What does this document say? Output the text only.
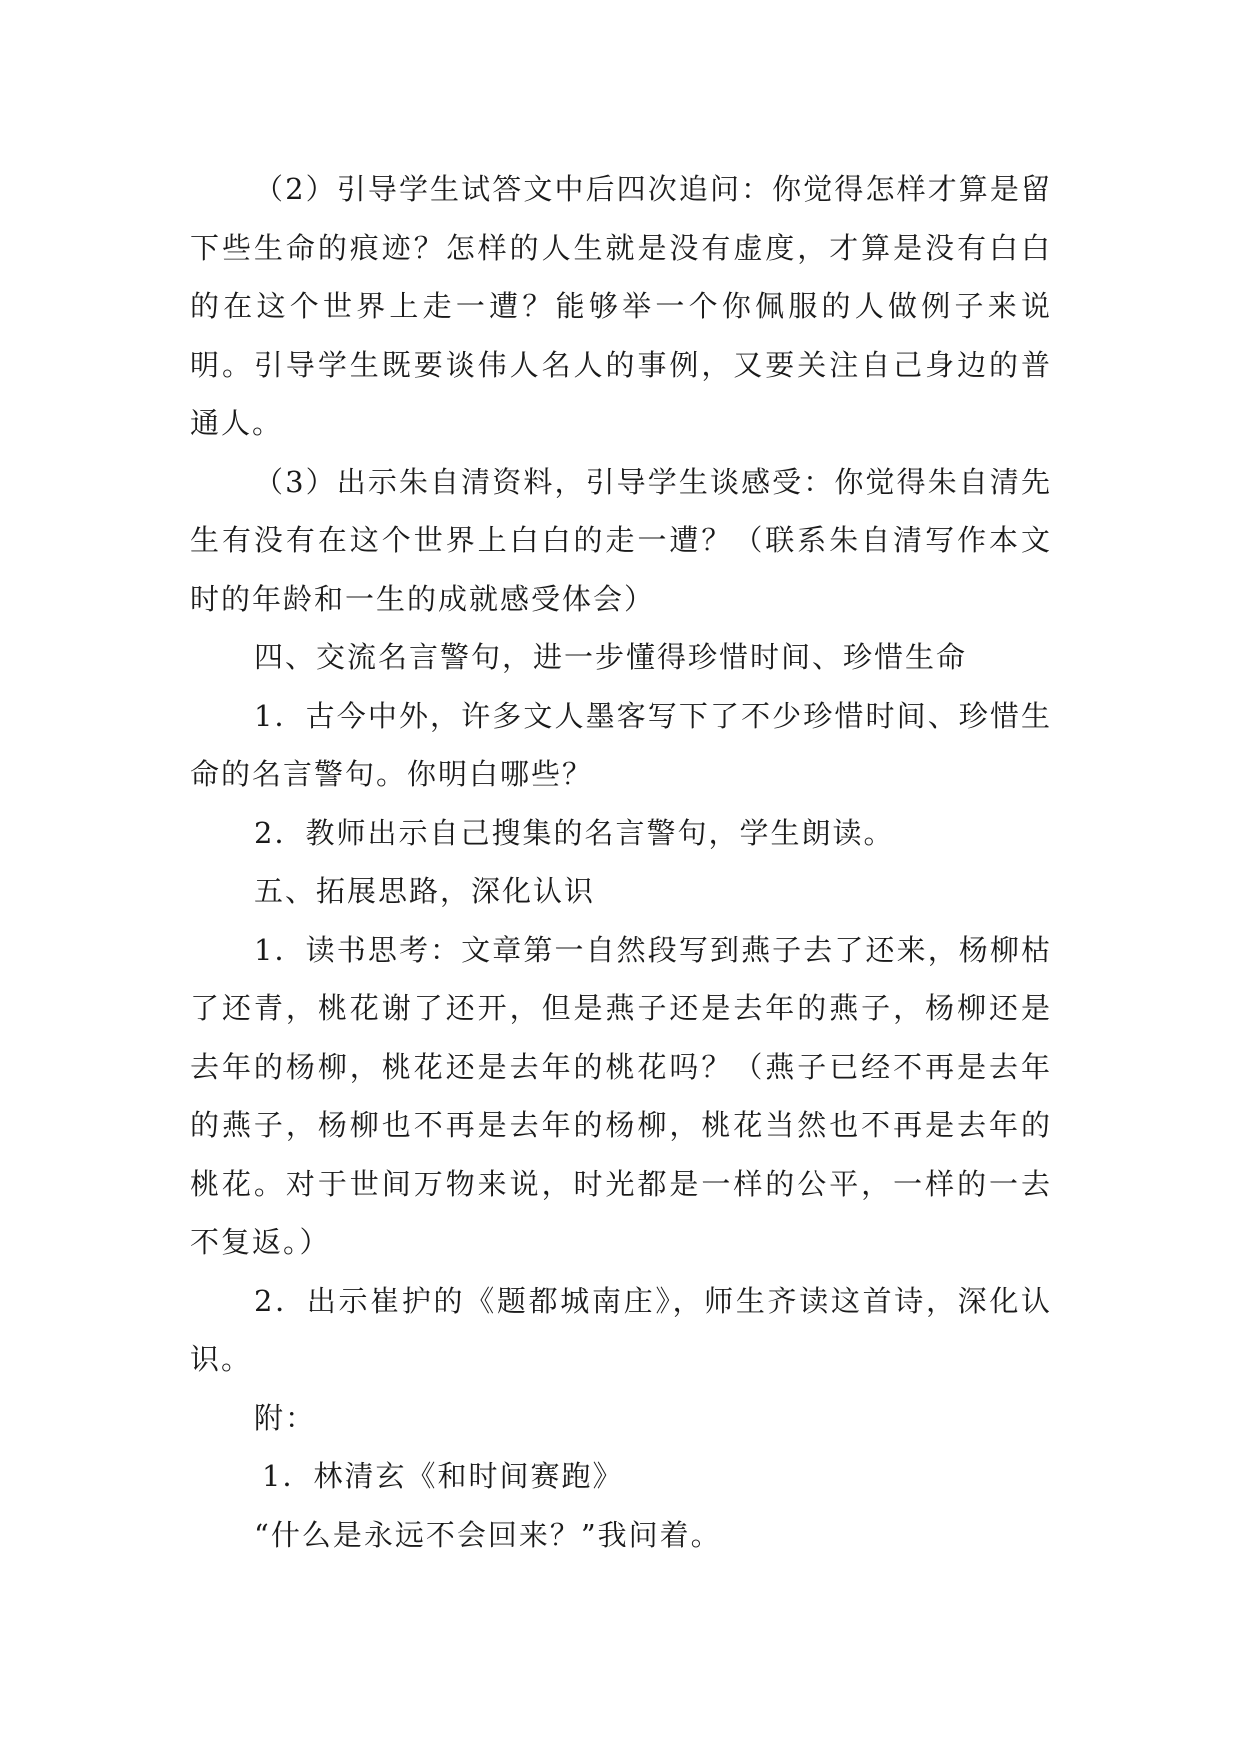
（2）引导学生试答文中后四次追问：你觉得怎样才算是留下些生命的痕迹？怎样的人生就是没有虚度，才算是没有白白的在这个世界上走一遭？能够举一个你佩服的人做例子来说明。引导学生既要谈伟人名人的事例，又要关注自己身边的普通人。

（3）出示朱自清资料，引导学生谈感受：你觉得朱自清先生有没有在这个世界上白白的走一遭？（联系朱自清写作本文时的年龄和一生的成就感受体会）

四、交流名言警句，进一步懂得珍惜时间、珍惜生命

1．古今中外，许多文人墨客写下了不少珍惜时间、珍惜生命的名言警句。你明白哪些？

2．教师出示自己搜集的名言警句，学生朗读。

五、拓展思路，深化认识

1．读书思考：文章第一自然段写到燕子去了还来，杨柳枯了还青，桃花谢了还开，但是燕子还是去年的燕子，杨柳还是去年的杨柳，桃花还是去年的桃花吗？（燕子已经不再是去年的燕子，杨柳也不再是去年的杨柳，桃花当然也不再是去年的桃花。对于世间万物来说，时光都是一样的公平，一样的一去不复返。）

2．出示崔护的《题都城南庄》，师生齐读这首诗，深化认识。

附：

1．林清玄《和时间赛跑》

“什么是永远不会回来？”我问着。
